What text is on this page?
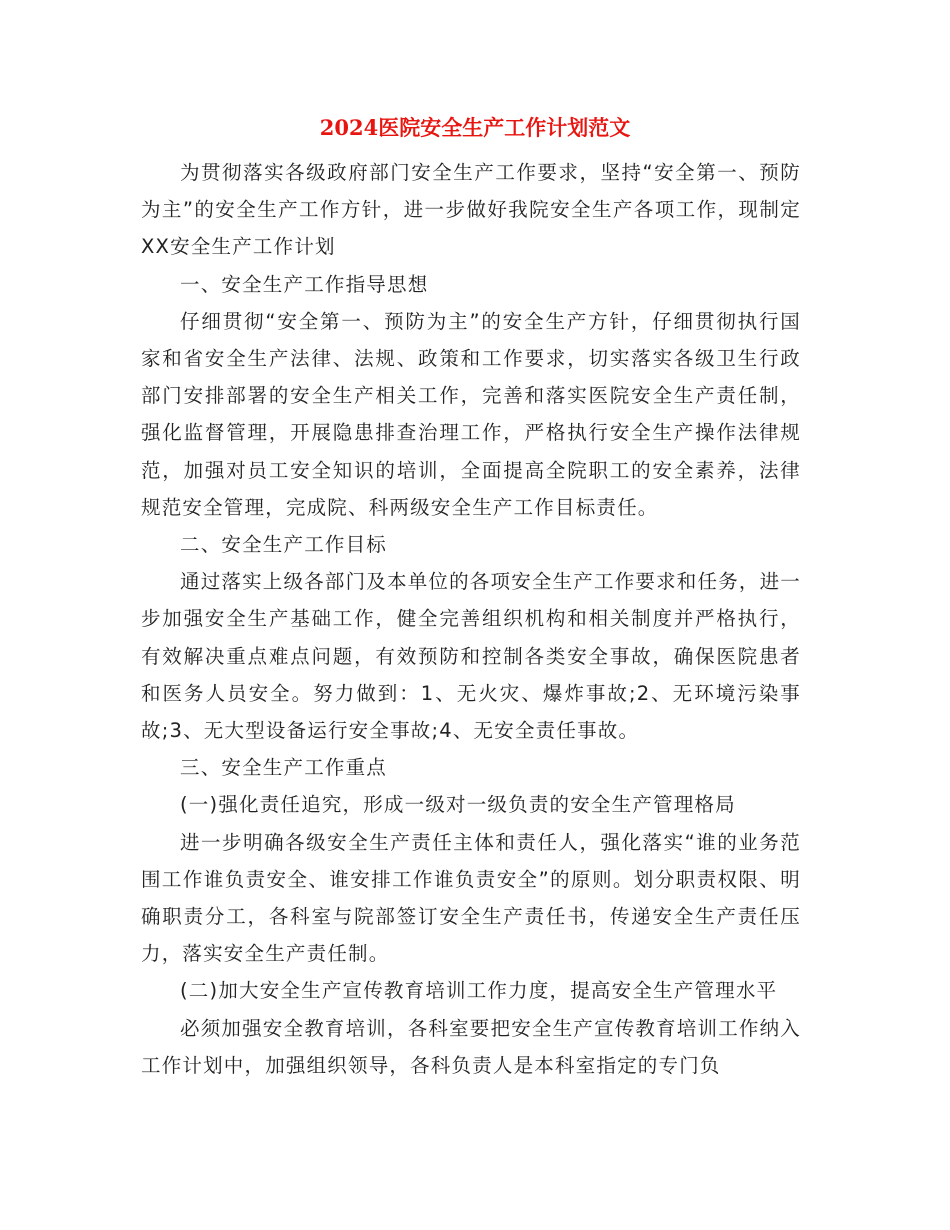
2024医院安全生产工作计划范文

为贯彻落实各级政府部门安全生产工作要求，坚持“安全第一、预防为主”的安全生产工作方针，进一步做好我院安全生产各项工作，现制定XX安全生产工作计划

一、安全生产工作指导思想

仔细贯彻“安全第一、预防为主”的安全生产方针，仔细贯彻执行国家和省安全生产法律、法规、政策和工作要求，切实落实各级卫生行政部门安排部署的安全生产相关工作，完善和落实医院安全生产责任制，强化监督管理，开展隐患排查治理工作，严格执行安全生产操作法律规范，加强对员工安全知识的培训，全面提高全院职工的安全素养，法律规范安全管理，完成院、科两级安全生产工作目标责任。

二、安全生产工作目标

通过落实上级各部门及本单位的各项安全生产工作要求和任务，进一步加强安全生产基础工作，健全完善组织机构和相关制度并严格执行，有效解决重点难点问题，有效预防和控制各类安全事故，确保医院患者和医务人员安全。努力做到：1、无火灾、爆炸事故;2、无环境污染事故;3、无大型设备运行安全事故;4、无安全责任事故。

三、安全生产工作重点

(一)强化责任追究，形成一级对一级负责的安全生产管理格局

进一步明确各级安全生产责任主体和责任人，强化落实“谁的业务范围工作谁负责安全、谁安排工作谁负责安全”的原则。划分职责权限、明确职责分工，各科室与院部签订安全生产责任书，传递安全生产责任压力，落实安全生产责任制。

(二)加大安全生产宣传教育培训工作力度，提高安全生产管理水平

必须加强安全教育培训，各科室要把安全生产宣传教育培训工作纳入工作计划中，加强组织领导，各科负责人是本科室指定的专门负
